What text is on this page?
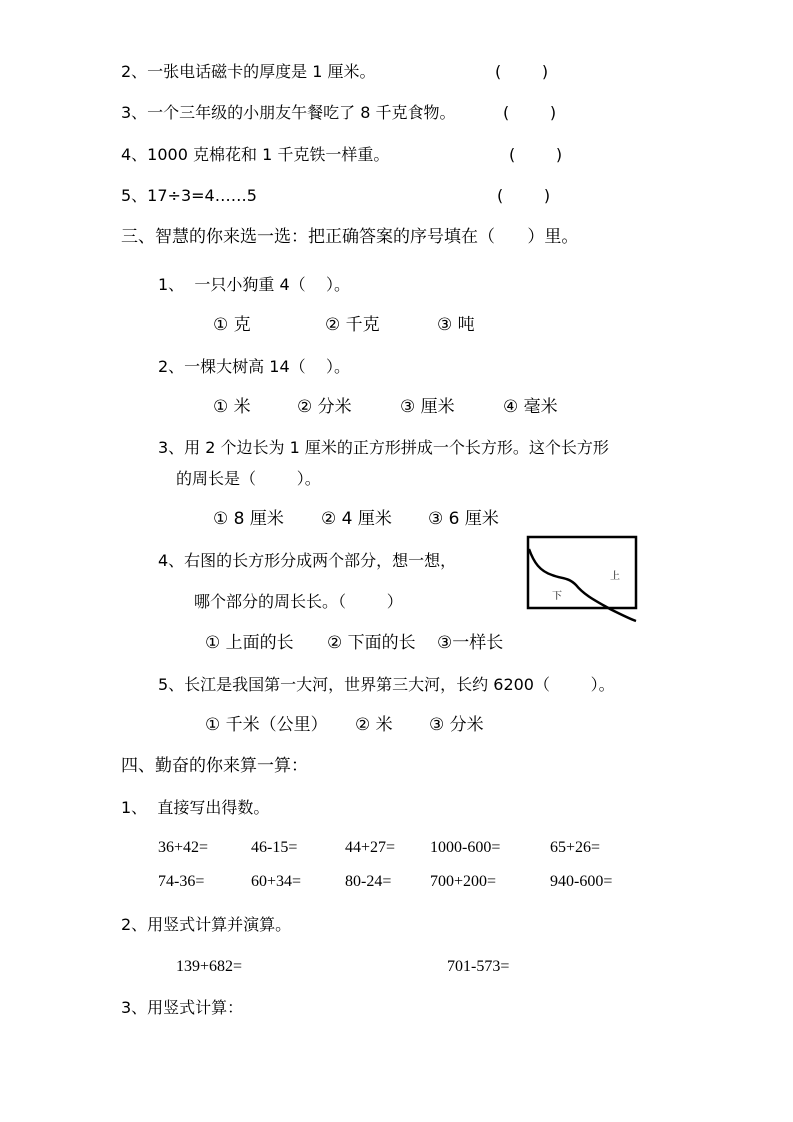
2、一张电话磁卡的厚度是 1 厘米。	(        )
3、一个三年级的小朋友午餐吃了 8 千克食物。	(        )
4、1000 克棉花和 1 千克铁一样重。	(        )
5、17÷3=4……5	(        )
三、智慧的你来选一选：把正确答案的序号填在（      ）里。
1、  一只小狗重 4（    ）。
① 克	② 千克	③ 吨
2、一棵大树高 14（    ）。
① 米	② 分米	③ 厘米	④ 毫米
3、用 2 个边长为 1 厘米的正方形拼成一个长方形。这个长方形
的周长是（        ）。
① 8 厘米 ② 4 厘米 ③ 6 厘米
4、右图的长方形分成两个部分，想一想，
哪个部分的周长长。（        ）
上
下
① 上面的长 ② 下面的长 ③一样长
5、长江是我国第一大河，世界第三大河，长约 6200（        ）。
① 千米（公里） ② 米 ③ 分米
四、勤奋的你来算一算：
1、  直接写出得数。
36+42=	46-15=	44+27= 1000-600=	65+26=
74-36=	60+34=	80-24= 700+200=	940-600=
2、用竖式计算并演算。
139+682=	701-573=
3、用竖式计算：
